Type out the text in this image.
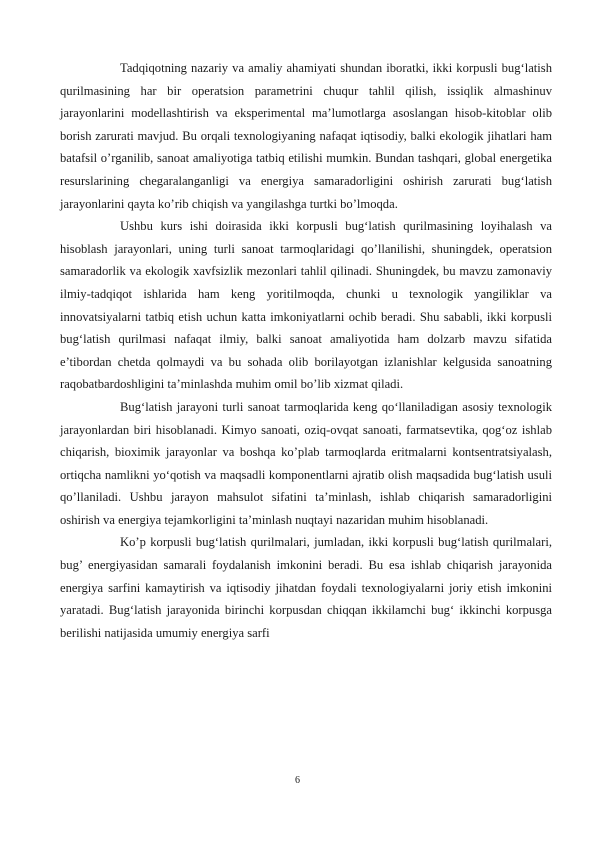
Tadqiqotning nazariy va amaliy ahamiyati shundan iboratki, ikki korpusli bug‘latish qurilmasining har bir operatsion parametrini chuqur tahlil qilish, issiqlik almashinuv jarayonlarini modellashtirish va eksperimental ma’lumotlarga asoslangan hisob-kitoblar olib borish zarurati mavjud. Bu orqali texnologiyaning nafaqat iqtisodiy, balki ekologik jihatlari ham batafsil o’rganilib, sanoat amaliyotiga tatbiq etilishi mumkin. Bundan tashqari, global energetika resurslarining chegaralanganligi va energiya samaradorligini oshirish zarurati bug‘latish jarayonlarini qayta ko’rib chiqish va yangilashga turtki bo’lmoqda.

Ushbu kurs ishi doirasida ikki korpusli bug‘latish qurilmasining loyihalash va hisoblash jarayonlari, uning turli sanoat tarmoqlaridagi qo’llanilishi, shuningdek, operatsion samaradorlik va ekologik xavfsizlik mezonlari tahlil qilinadi. Shuningdek, bu mavzu zamonaviy ilmiy-tadqiqot ishlarida ham keng yoritilmoqda, chunki u texnologik yangiliklar va innovatsiyalarni tatbiq etish uchun katta imkoniyatlarni ochib beradi. Shu sababli, ikki korpusli bug‘latish qurilmasi nafaqat ilmiy, balki sanoat amaliyotida ham dolzarb mavzu sifatida e’tibordan chetda qolmaydi va bu sohada olib borilayotgan izlanishlar kelgusida sanoatning raqobatbardoshligini ta’minlashda muhim omil bo’lib xizmat qiladi.

Bug‘latish jarayoni turli sanoat tarmoqlarida keng qo‘llaniladigan asosiy texnologik jarayonlardan biri hisoblanadi. Kimyo sanoati, oziq-ovqat sanoati, farmatsevtika, qog‘oz ishlab chiqarish, bioximik jarayonlar va boshqa ko’plab tarmoqlarda eritmalarni kontsentratsiyalash, ortiqcha namlikni yo‘qotish va maqsadli komponentlarni ajratib olish maqsadida bug‘latish usuli qo’llaniladi. Ushbu jarayon mahsulot sifatini ta’minlash, ishlab chiqarish samaradorligini oshirish va energiya tejamkorligini ta’minlash nuqtayi nazaridan muhim hisoblanadi.

Ko’p korpusli bug‘latish qurilmalari, jumladan, ikki korpusli bug‘latish qurilmalari, bug’ energiyasidan samarali foydalanish imkonini beradi. Bu esa ishlab chiqarish jarayonida energiya sarfini kamaytirish va iqtisodiy jihatdan foydali texnologiyalarni joriy etish imkonini yaratadi. Bug‘latish jarayonida birinchi korpusdan chiqqan ikkilamchi bug‘ ikkinchi korpusga berilishi natijasida umumiy energiya sarfi

6
